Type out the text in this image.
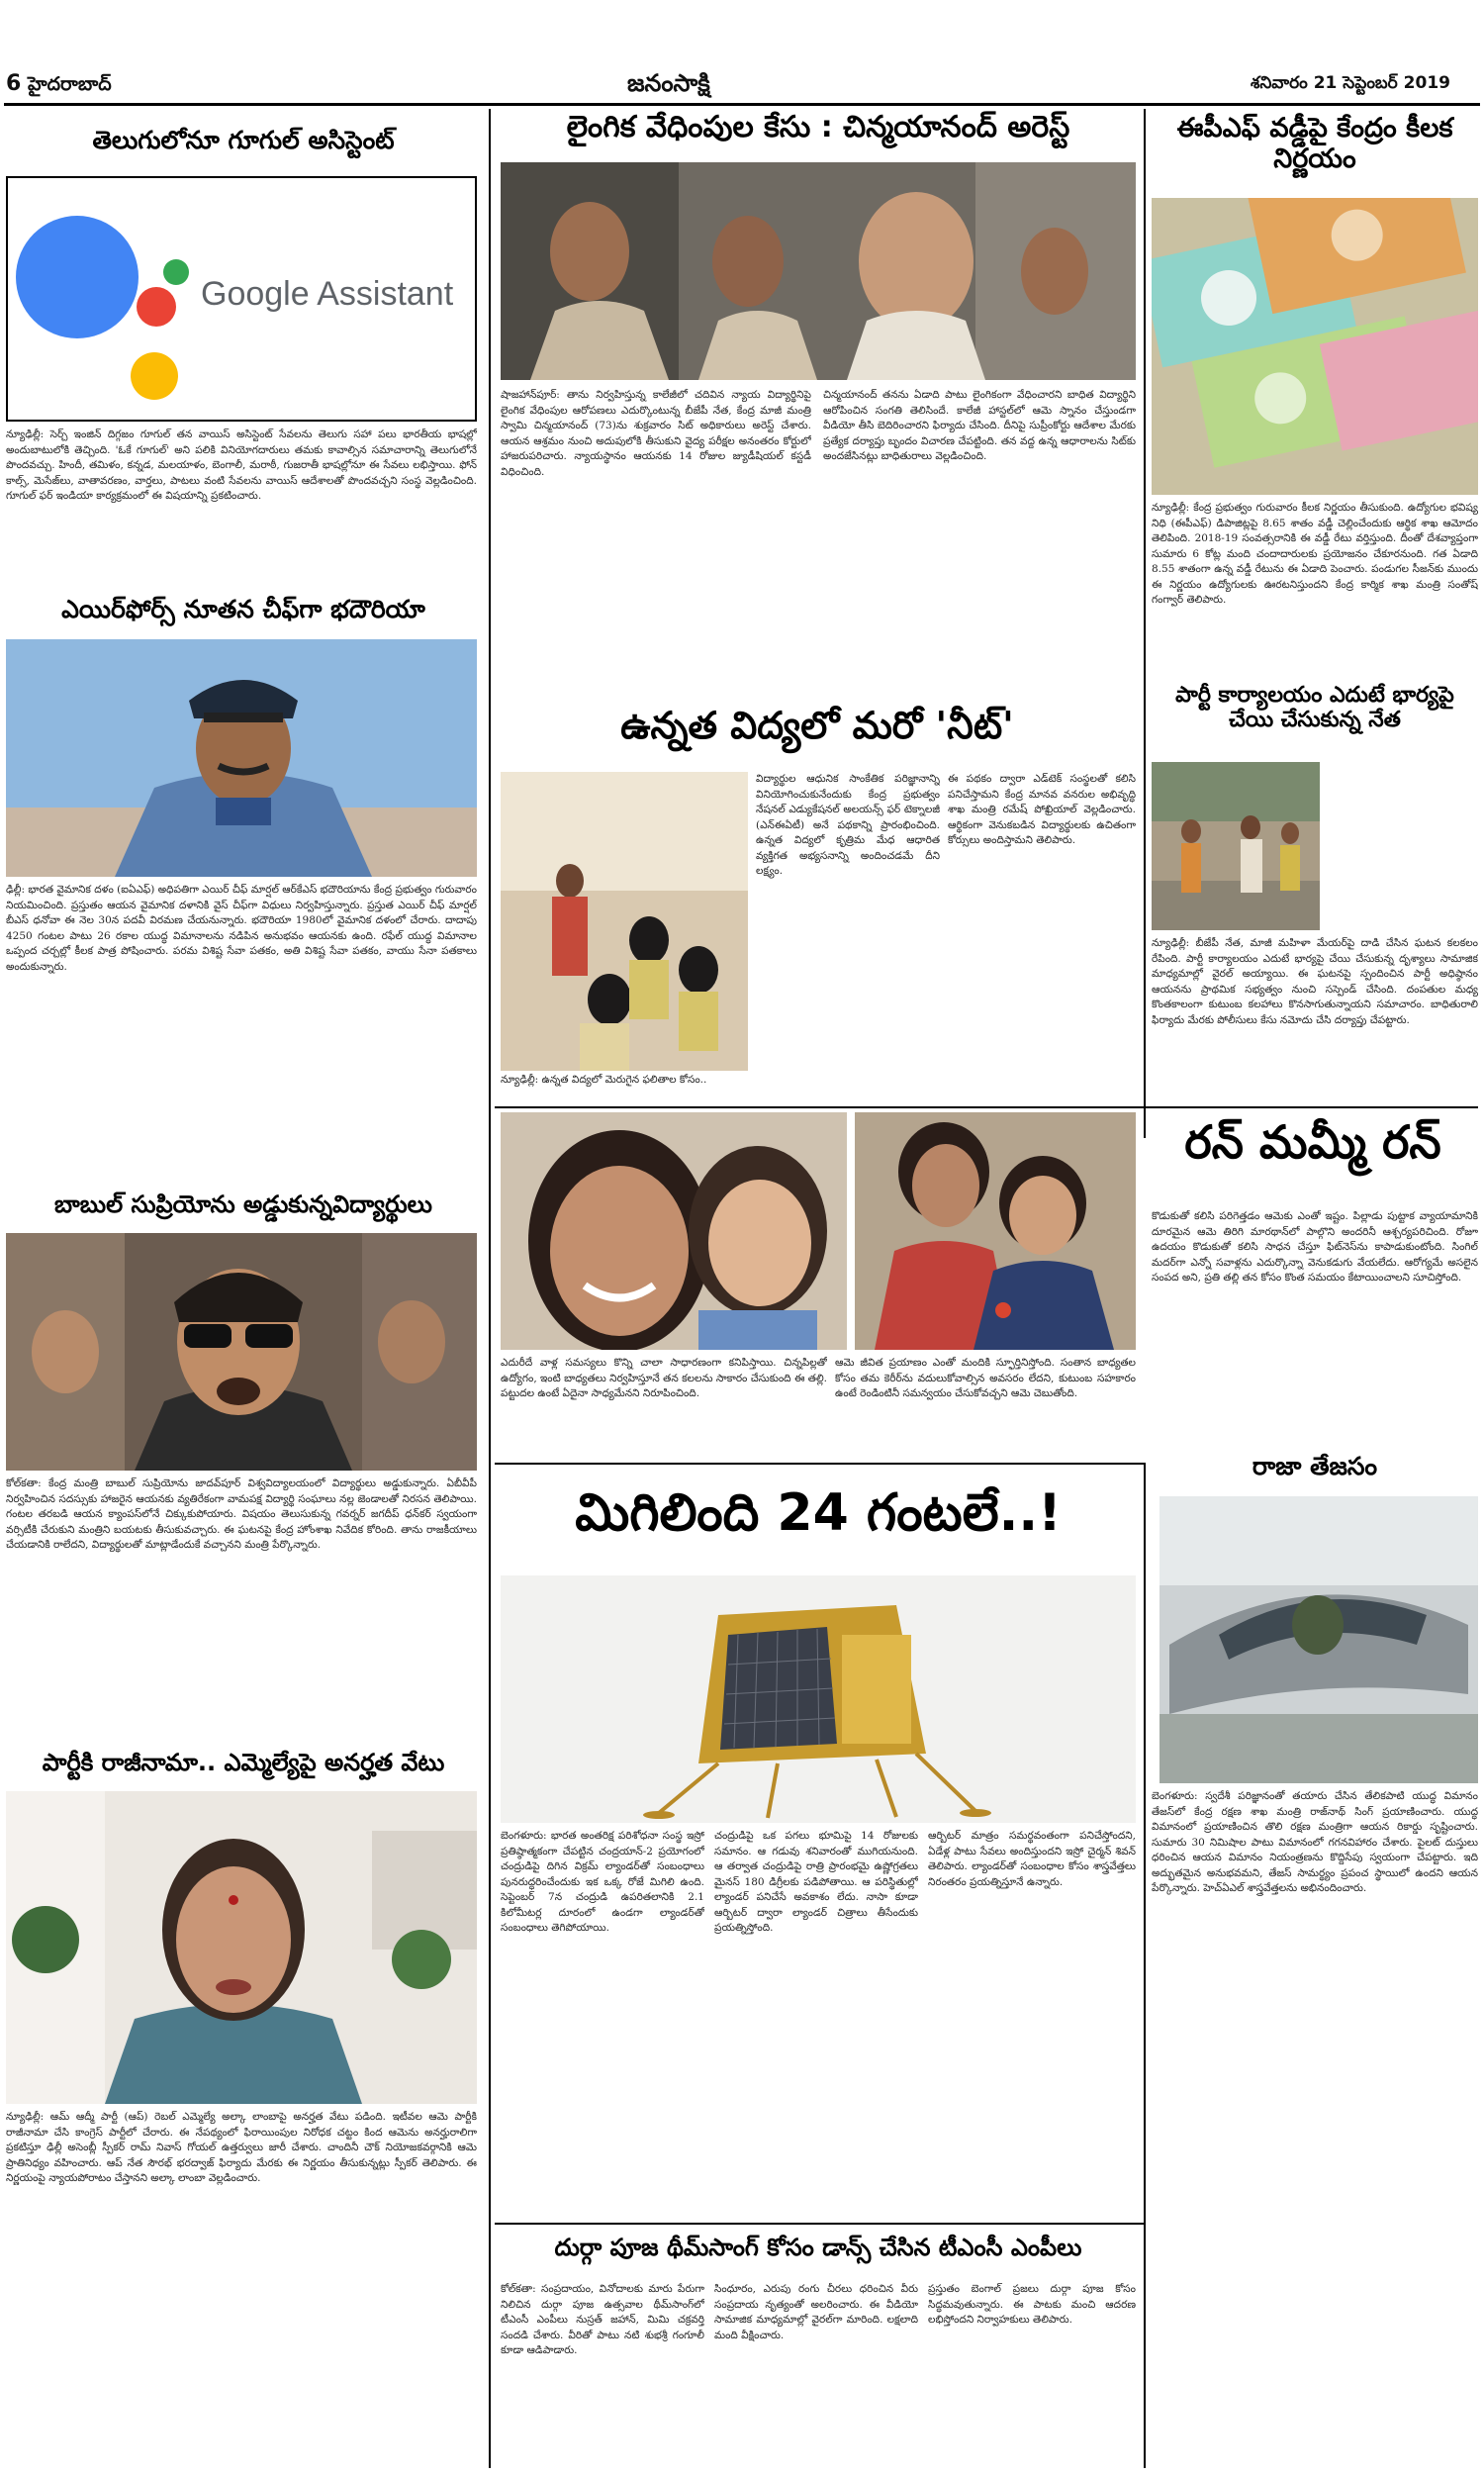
6 హైదరాబాద్	జనంసాక్షి	శనివారం 21 సెప్టెంబర్ 2019
తెలుగులోనూ గూగుల్ అసిస్టెంట్
Google Assistant
న్యూఢిల్లీ: సెర్చ్ ఇంజిన్ దిగ్గజం గూగుల్ తన వాయిస్ అసిస్టెంట్ సేవలను తెలుగు సహా పలు భారతీయ భాషల్లో అందుబాటులోకి తెచ్చింది. 'ఓకే గూగుల్' అని పలికి వినియోగదారులు తమకు కావాల్సిన సమాచారాన్ని తెలుగులోనే పొందవచ్చు. హిందీ, తమిళం, కన్నడ, మలయాళం, బెంగాలీ, మరాఠీ, గుజరాతీ భాషల్లోనూ ఈ సేవలు లభిస్తాయి. ఫోన్ కాల్స్, మెసేజ్‌లు, వాతావరణం, వార్తలు, పాటలు వంటి సేవలను వాయిస్ ఆదేశాలతో పొందవచ్చని సంస్థ వెల్లడించింది. గూగుల్ ఫర్ ఇండియా కార్యక్రమంలో ఈ విషయాన్ని ప్రకటించారు.
ఎయిర్‌ఫోర్స్ నూతన చీఫ్‌గా భదౌరియా
ఢిల్లీ: భారత వైమానిక దళం (ఐఏఎఫ్) అధిపతిగా ఎయిర్ చీఫ్ మార్షల్ ఆర్‌కేఎస్ భదౌరియాను కేంద్ర ప్రభుత్వం గురువారం నియమించింది. ప్రస్తుతం ఆయన వైమానిక దళానికి వైస్ చీఫ్‌గా విధులు నిర్వహిస్తున్నారు. ప్రస్తుత ఎయిర్ చీఫ్ మార్షల్ బీఎస్ ధనోవా ఈ నెల 30న పదవీ విరమణ చేయనున్నారు. భదౌరియా 1980లో వైమానిక దళంలో చేరారు. దాదాపు 4250 గంటల పాటు 26 రకాల యుద్ధ విమానాలను నడిపిన అనుభవం ఆయనకు ఉంది. రఫేల్ యుద్ధ విమానాల ఒప్పంద చర్చల్లో కీలక పాత్ర పోషించారు. పరమ విశిష్ట సేవా పతకం, అతి విశిష్ట సేవా పతకం, వాయు సేనా పతకాలు అందుకున్నారు.
బాబుల్ సుప్రియోను అడ్డుకున్నవిద్యార్థులు
కోల్‌కతా: కేంద్ర మంత్రి బాబుల్ సుప్రియోను జాదవ్‌పూర్ విశ్వవిద్యాలయంలో విద్యార్థులు అడ్డుకున్నారు. ఏబీవీపీ నిర్వహించిన సదస్సుకు హాజరైన ఆయనకు వ్యతిరేకంగా వామపక్ష విద్యార్థి సంఘాలు నల్ల జెండాలతో నిరసన తెలిపాయి. గంటల తరబడి ఆయన క్యాంపస్‌లోనే చిక్కుకుపోయారు. విషయం తెలుసుకున్న గవర్నర్ జగదీప్ ధన్‌కర్ స్వయంగా వర్సిటీకి చేరుకుని మంత్రిని బయటకు తీసుకువచ్చారు. ఈ ఘటనపై కేంద్ర హోంశాఖ నివేదిక కోరింది. తాను రాజకీయాలు చేయడానికి రాలేదని, విద్యార్థులతో మాట్లాడేందుకే వచ్చానని మంత్రి పేర్కొన్నారు.
పార్టీకి రాజీనామా.. ఎమ్మెల్యేపై అనర్హత వేటు
న్యూఢిల్లీ: ఆమ్ ఆద్మీ పార్టీ (ఆప్) రెబల్ ఎమ్మెల్యే అల్కా లాంబాపై అనర్హత వేటు పడింది. ఇటీవల ఆమె పార్టీకి రాజీనామా చేసి కాంగ్రెస్ పార్టీలో చేరారు. ఈ నేపథ్యంలో ఫిరాయింపుల నిరోధక చట్టం కింద ఆమెను అనర్హురాలిగా ప్రకటిస్తూ ఢిల్లీ అసెంబ్లీ స్పీకర్ రామ్ నివాస్ గోయల్ ఉత్తర్వులు జారీ చేశారు. చాందినీ చౌక్ నియోజకవర్గానికి ఆమె ప్రాతినిధ్యం వహించారు. ఆప్ నేత సౌరభ్ భరద్వాజ్ ఫిర్యాదు మేరకు ఈ నిర్ణయం తీసుకున్నట్లు స్పీకర్ తెలిపారు. ఈ నిర్ణయంపై న్యాయపోరాటం చేస్తానని అల్కా లాంబా వెల్లడించారు.
లైంగిక వేధింపుల కేసు : చిన్మయానంద్ అరెస్ట్
షాజహాన్‌పూర్: తాను నిర్వహిస్తున్న కాలేజీలో చదివిన న్యాయ విద్యార్థినిపై లైంగిక వేధింపుల ఆరోపణలు ఎదుర్కొంటున్న బీజేపీ నేత, కేంద్ర మాజీ మంత్రి స్వామి చిన్మయానంద్ (73)ను శుక్రవారం సిట్ అధికారులు అరెస్ట్ చేశారు. ఆయన ఆశ్రమం నుంచి అదుపులోకి తీసుకుని వైద్య పరీక్షల అనంతరం కోర్టులో హాజరుపరిచారు. న్యాయస్థానం ఆయనకు 14 రోజుల జ్యుడీషియల్ కస్టడీ విధించింది.
చిన్మయానంద్ తనను ఏడాది పాటు లైంగికంగా వేధించారని బాధిత విద్యార్థిని ఆరోపించిన సంగతి తెలిసిందే. కాలేజీ హాస్టల్‌లో ఆమె స్నానం చేస్తుండగా వీడియో తీసి బెదిరించారని ఫిర్యాదు చేసింది. దీనిపై సుప్రీంకోర్టు ఆదేశాల మేరకు ప్రత్యేక దర్యాప్తు బృందం విచారణ చేపట్టింది. తన వద్ద ఉన్న ఆధారాలను సిట్‌కు అందజేసినట్లు బాధితురాలు వెల్లడించింది.
ఈపీఎఫ్ వడ్డీపై కేంద్రం కీలక నిర్ణయం
న్యూఢిల్లీ: కేంద్ర ప్రభుత్వం గురువారం కీలక నిర్ణయం తీసుకుంది. ఉద్యోగుల భవిష్య నిధి (ఈపీఎఫ్) డిపాజిట్లపై 8.65 శాతం వడ్డీ చెల్లించేందుకు ఆర్థిక శాఖ ఆమోదం తెలిపింది. 2018-19 సంవత్సరానికి ఈ వడ్డీ రేటు వర్తిస్తుంది. దీంతో దేశవ్యాప్తంగా సుమారు 6 కోట్ల మంది చందాదారులకు ప్రయోజనం చేకూరనుంది. గత ఏడాది 8.55 శాతంగా ఉన్న వడ్డీ రేటును ఈ ఏడాది పెంచారు. పండుగల సీజన్‌కు ముందు ఈ నిర్ణయం ఉద్యోగులకు ఊరటనిస్తుందని కేంద్ర కార్మిక శాఖ మంత్రి సంతోష్ గంగ్వార్ తెలిపారు.
పార్టీ కార్యాలయం ఎదుటే భార్యపై చేయి చేసుకున్న నేత
న్యూఢిల్లీ: బీజేపీ నేత, మాజీ మహిళా మేయర్‌పై దాడి చేసిన ఘటన కలకలం రేపింది. పార్టీ కార్యాలయం ఎదుటే భార్యపై చేయి చేసుకున్న దృశ్యాలు సామాజిక మాధ్యమాల్లో వైరల్ అయ్యాయి. ఈ ఘటనపై స్పందించిన పార్టీ అధిష్ఠానం ఆయనను ప్రాథమిక సభ్యత్వం నుంచి సస్పెండ్ చేసింది. దంపతుల మధ్య కొంతకాలంగా కుటుంబ కలహాలు కొనసాగుతున్నాయని సమాచారం. బాధితురాలి ఫిర్యాదు మేరకు పోలీసులు కేసు నమోదు చేసి దర్యాప్తు చేపట్టారు.
ఉన్నత విద్యలో మరో 'నీట్'
న్యూఢిల్లీ: ఉన్నత విద్యలో మెరుగైన ఫలితాల కోసం..
విద్యార్థుల ఆధునిక సాంకేతిక పరిజ్ఞానాన్ని వినియోగించుకునేందుకు కేంద్ర ప్రభుత్వం నేషనల్ ఎడ్యుకేషనల్ అలయన్స్ ఫర్ టెక్నాలజీ (ఎన్‌ఈఏటీ) అనే పథకాన్ని ప్రారంభించింది. ఉన్నత విద్యలో కృత్రిమ మేధ ఆధారిత వ్యక్తిగత అభ్యసనాన్ని అందించడమే దీని లక్ష్యం.
ఈ పథకం ద్వారా ఎడ్‌టెక్ సంస్థలతో కలిసి పనిచేస్తామని కేంద్ర మానవ వనరుల అభివృద్ధి శాఖ మంత్రి రమేష్ పోఖ్రియాల్ వెల్లడించారు. ఆర్థికంగా వెనుకబడిన విద్యార్థులకు ఉచితంగా కోర్సులు అందిస్తామని తెలిపారు.
ఎదురీదే వాళ్ల సమస్యలు కొన్ని చాలా సాధారణంగా కనిపిస్తాయి. చిన్నపిల్లతో ఉద్యోగం, ఇంటి బాధ్యతలు నిర్వహిస్తూనే తన కలలను సాకారం చేసుకుంది ఈ తల్లి. పట్టుదల ఉంటే ఏదైనా సాధ్యమేనని నిరూపించింది.
ఆమె జీవిత ప్రయాణం ఎంతో మందికి స్ఫూర్తినిస్తోంది. సంతాన బాధ్యతల కోసం తమ కెరీర్‌ను వదులుకోవాల్సిన అవసరం లేదని, కుటుంబ సహకారం ఉంటే రెండింటినీ సమన్వయం చేసుకోవచ్చని ఆమె చెబుతోంది.
రన్ మమ్మీ రన్
కొడుకుతో కలిసి పరిగెత్తడం ఆమెకు ఎంతో ఇష్టం. పిల్లాడు పుట్టాక వ్యాయామానికి దూరమైన ఆమె తిరిగి మారథాన్‌లో పాల్గొని అందరినీ ఆశ్చర్యపరిచింది. రోజూ ఉదయం కొడుకుతో కలిసి సాధన చేస్తూ ఫిట్‌నెస్‌ను కాపాడుకుంటోంది. సింగిల్ మదర్‌గా ఎన్నో సవాళ్లను ఎదుర్కొన్నా వెనుకడుగు వేయలేదు. ఆరోగ్యమే అసలైన సంపద అని, ప్రతి తల్లి తన కోసం కొంత సమయం కేటాయించాలని సూచిస్తోంది.
మిగిలింది 24 గంటలే..!
బెంగళూరు: భారత అంతరిక్ష పరిశోధనా సంస్థ ఇస్రో ప్రతిష్ఠాత్మకంగా చేపట్టిన చంద్రయాన్-2 ప్రయోగంలో చంద్రుడిపై దిగిన విక్రమ్ ల్యాండర్‌తో సంబంధాలు పునరుద్ధరించేందుకు ఇక ఒక్క రోజే మిగిలి ఉంది. సెప్టెంబర్ 7న చంద్రుడి ఉపరితలానికి 2.1 కిలోమీటర్ల దూరంలో ఉండగా ల్యాండర్‌తో సంబంధాలు తెగిపోయాయి.
చంద్రుడిపై ఒక పగలు భూమిపై 14 రోజులకు సమానం. ఆ గడువు శనివారంతో ముగియనుంది. ఆ తర్వాత చంద్రుడిపై రాత్రి ప్రారంభమై ఉష్ణోగ్రతలు మైనస్ 180 డిగ్రీలకు పడిపోతాయి. ఆ పరిస్థితుల్లో ల్యాండర్ పనిచేసే అవకాశం లేదు. నాసా కూడా ఆర్బిటర్ ద్వారా ల్యాండర్ చిత్రాలు తీసేందుకు ప్రయత్నిస్తోంది.
ఆర్బిటర్ మాత్రం సమర్థవంతంగా పనిచేస్తోందని, ఏడేళ్ల పాటు సేవలు అందిస్తుందని ఇస్రో చైర్మన్ శివన్ తెలిపారు. ల్యాండర్‌తో సంబంధాల కోసం శాస్త్రవేత్తలు నిరంతరం ప్రయత్నిస్తూనే ఉన్నారు.
రాజా తేజసం
బెంగళూరు: స్వదేశీ పరిజ్ఞానంతో తయారు చేసిన తేలికపాటి యుద్ధ విమానం తేజస్‌లో కేంద్ర రక్షణ శాఖ మంత్రి రాజ్‌నాథ్ సింగ్ ప్రయాణించారు. యుద్ధ విమానంలో ప్రయాణించిన తొలి రక్షణ మంత్రిగా ఆయన రికార్డు సృష్టించారు. సుమారు 30 నిమిషాల పాటు విమానంలో గగనవిహారం చేశారు. పైలట్ దుస్తులు ధరించిన ఆయన విమానం నియంత్రణను కొద్దిసేపు స్వయంగా చేపట్టారు. ఇది అద్భుతమైన అనుభవమని, తేజస్ సామర్థ్యం ప్రపంచ స్థాయిలో ఉందని ఆయన పేర్కొన్నారు. హెచ్‌ఏఎల్ శాస్త్రవేత్తలను అభినందించారు.
దుర్గా పూజ థీమ్‌సాంగ్ కోసం డాన్స్ చేసిన టీఎంసీ ఎంపీలు
కోల్‌కతా: సంప్రదాయం, వినోదాలకు మారు పేరుగా నిలిచిన దుర్గా పూజ ఉత్సవాల థీమ్‌సాంగ్‌లో టీఎంసీ ఎంపీలు నుస్రత్ జహాన్, మిమి చక్రవర్తి సందడి చేశారు. వీరితో పాటు నటి శుభశ్రీ గంగూలీ కూడా ఆడిపాడారు.
సింధూరం, ఎరుపు రంగు చీరలు ధరించిన వీరు సంప్రదాయ నృత్యంతో అలరించారు. ఈ వీడియో సామాజిక మాధ్యమాల్లో వైరల్‌గా మారింది. లక్షలాది మంది వీక్షించారు.
ప్రస్తుతం బెంగాల్ ప్రజలు దుర్గా పూజ కోసం సిద్ధమవుతున్నారు. ఈ పాటకు మంచి ఆదరణ లభిస్తోందని నిర్వాహకులు తెలిపారు.
